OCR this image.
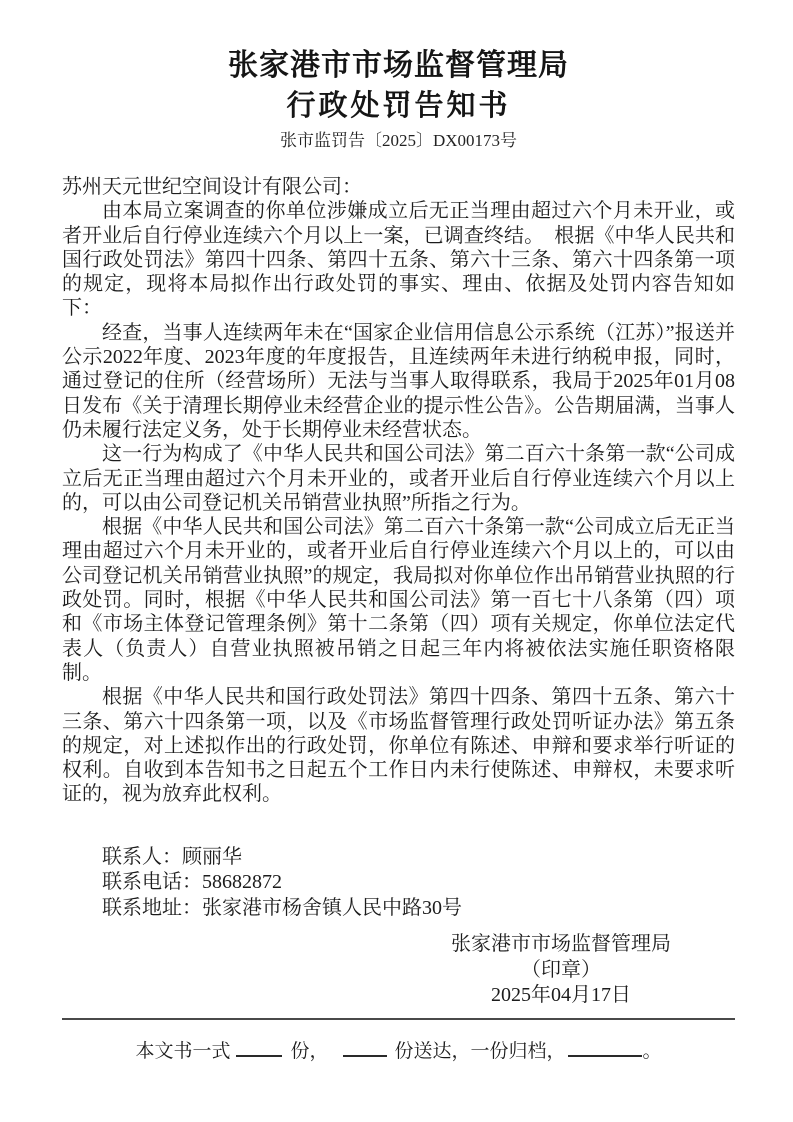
张家港市市场监督管理局
行政处罚告知书
张市监罚告〔2025〕DX00173号

苏州天元世纪空间设计有限公司：

由本局立案调查的你单位涉嫌成立后无正当理由超过六个月未开业，或者开业后自行停业连续六个月以上一案，已调查终结。　根据《中华人民共和国行政处罚法》第四十四条、第四十五条、第六十三条、第六十四条第一项的规定，现将本局拟作出行政处罚的事实、理由、依据及处罚内容告知如下：

经查，当事人连续两年未在“国家企业信用信息公示系统（江苏）”报送并公示2022年度、2023年度的年度报告，且连续两年未进行纳税申报，同时，通过登记的住所（经营场所）无法与当事人取得联系，我局于2025年01月08日发布《关于清理长期停业未经营企业的提示性公告》。公告期届满，当事人仍未履行法定义务，处于长期停业未经营状态。

这一行为构成了《中华人民共和国公司法》第二百六十条第一款“公司成立后无正当理由超过六个月未开业的，或者开业后自行停业连续六个月以上的，可以由公司登记机关吊销营业执照”所指之行为。

根据《中华人民共和国公司法》第二百六十条第一款“公司成立后无正当理由超过六个月未开业的，或者开业后自行停业连续六个月以上的，可以由公司登记机关吊销营业执照”的规定，我局拟对你单位作出吊销营业执照的行政处罚。同时，根据《中华人民共和国公司法》第一百七十八条第（四）项和《市场主体登记管理条例》第十二条第（四）项有关规定，你单位法定代表人（负责人）自营业执照被吊销之日起三年内将被依法实施任职资格限制。

根据《中华人民共和国行政处罚法》第四十四条、第四十五条、第六十三条、第六十四条第一项，以及《市场监督管理行政处罚听证办法》第五条的规定，对上述拟作出的行政处罚，你单位有陈述、申辩和要求举行听证的权利。自收到本告知书之日起五个工作日内未行使陈述、申辩权，未要求听证的，视为放弃此权利。

联系人：顾丽华

联系电话：58682872

联系地址：张家港市杨舍镇人民中路30号

张家港市市场监督管理局

（印章）

2025年04月17日

本文书一式	份，	份送达，一份归档，	。
